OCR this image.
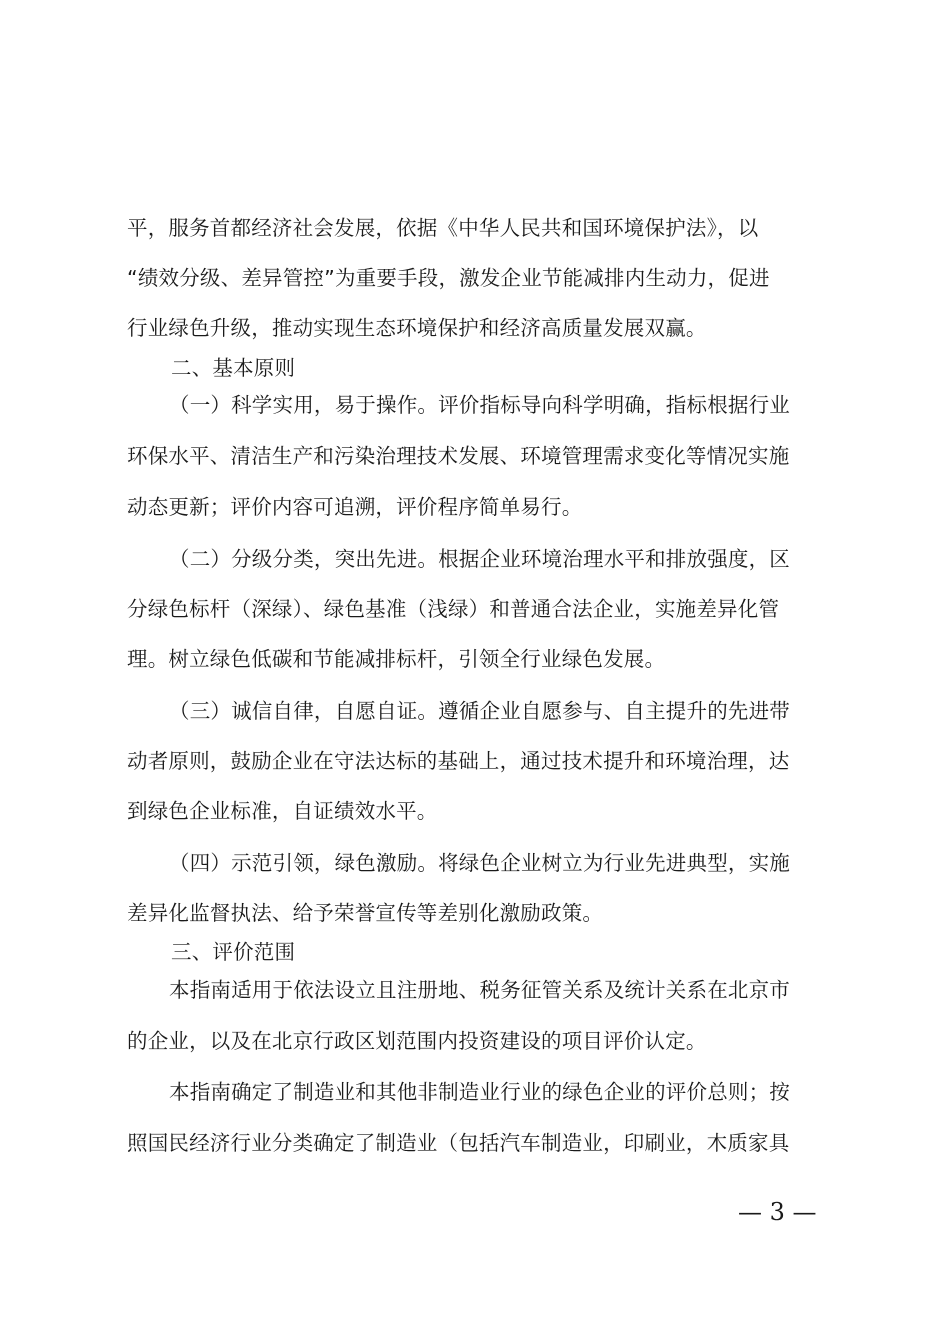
平，服务首都经济社会发展，依据《中华人民共和国环境保护法》，以

“绩效分级、差异管控”为重要手段，激发企业节能减排内生动力，促进

行业绿色升级，推动实现生态环境保护和经济高质量发展双赢。

二、基本原则

（一）科学实用，易于操作。评价指标导向科学明确，指标根据行业

环保水平、清洁生产和污染治理技术发展、环境管理需求变化等情况实施

动态更新；评价内容可追溯，评价程序简单易行。

（二）分级分类，突出先进。根据企业环境治理水平和排放强度，区

分绿色标杆（深绿）、绿色基准（浅绿）和普通合法企业，实施差异化管

理。树立绿色低碳和节能减排标杆，引领全行业绿色发展。

（三）诚信自律，自愿自证。遵循企业自愿参与、自主提升的先进带

动者原则，鼓励企业在守法达标的基础上，通过技术提升和环境治理，达

到绿色企业标准，自证绩效水平。

（四）示范引领，绿色激励。将绿色企业树立为行业先进典型，实施

差异化监督执法、给予荣誉宣传等差别化激励政策。

三、评价范围

本指南适用于依法设立且注册地、税务征管关系及统计关系在北京市

的企业，以及在北京行政区划范围内投资建设的项目评价认定。

本指南确定了制造业和其他非制造业行业的绿色企业的评价总则；按

照国民经济行业分类确定了制造业（包括汽车制造业，印刷业，木质家具

— 3 —
